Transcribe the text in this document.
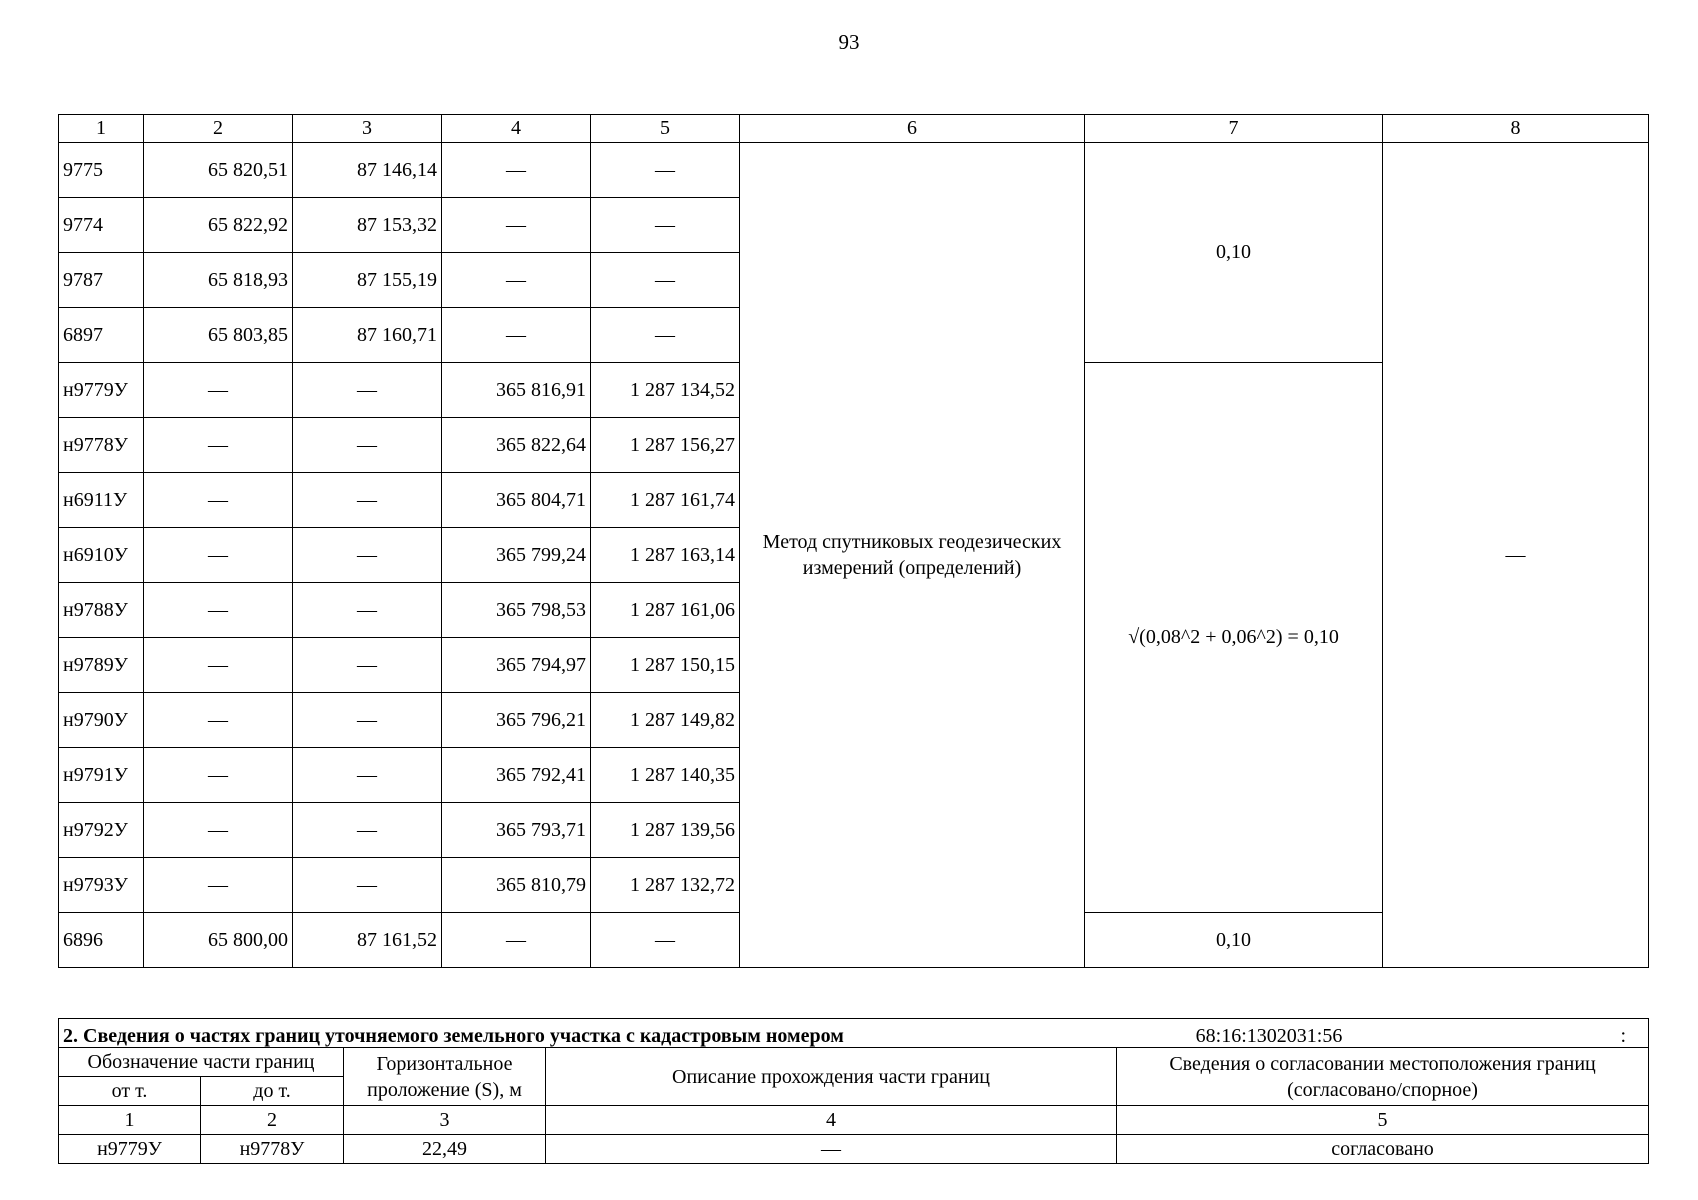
93
1	2	3	4	5	6	7	8
9775	65 820,51	87 146,14	—	—	Метод спутниковых геодезических измерений (определений)	0,10	—
9774	65 822,92	87 153,32	—	—			
9787	65 818,93	87 155,19	—	—			
6897	65 803,85	87 160,71	—	—			
н9779У	—	—	365 816,91	1 287 134,52		√(0,08^2 + 0,06^2) = 0,10	
н9778У	—	—	365 822,64	1 287 156,27			
н6911У	—	—	365 804,71	1 287 161,74			
н6910У	—	—	365 799,24	1 287 163,14			
н9788У	—	—	365 798,53	1 287 161,06			
н9789У	—	—	365 794,97	1 287 150,15			
н9790У	—	—	365 796,21	1 287 149,82			
н9791У	—	—	365 792,41	1 287 140,35			
н9792У	—	—	365 793,71	1 287 139,56			
н9793У	—	—	365 810,79	1 287 132,72			
6896	65 800,00	87 161,52	—	—		0,10	
2. Сведения о частях границ уточняемого земельного участка с кадастровым номером 68:16:1302031:56 :				

Обозначение части границ		Горизонтальное проложение (S), м	Описание прохождения части границ	Сведения о согласовании местоположения границ (согласовано/спорное)
от т.	до т.			
1	2	3	4	5
н9779У	н9778У	22,49	—	согласовано
